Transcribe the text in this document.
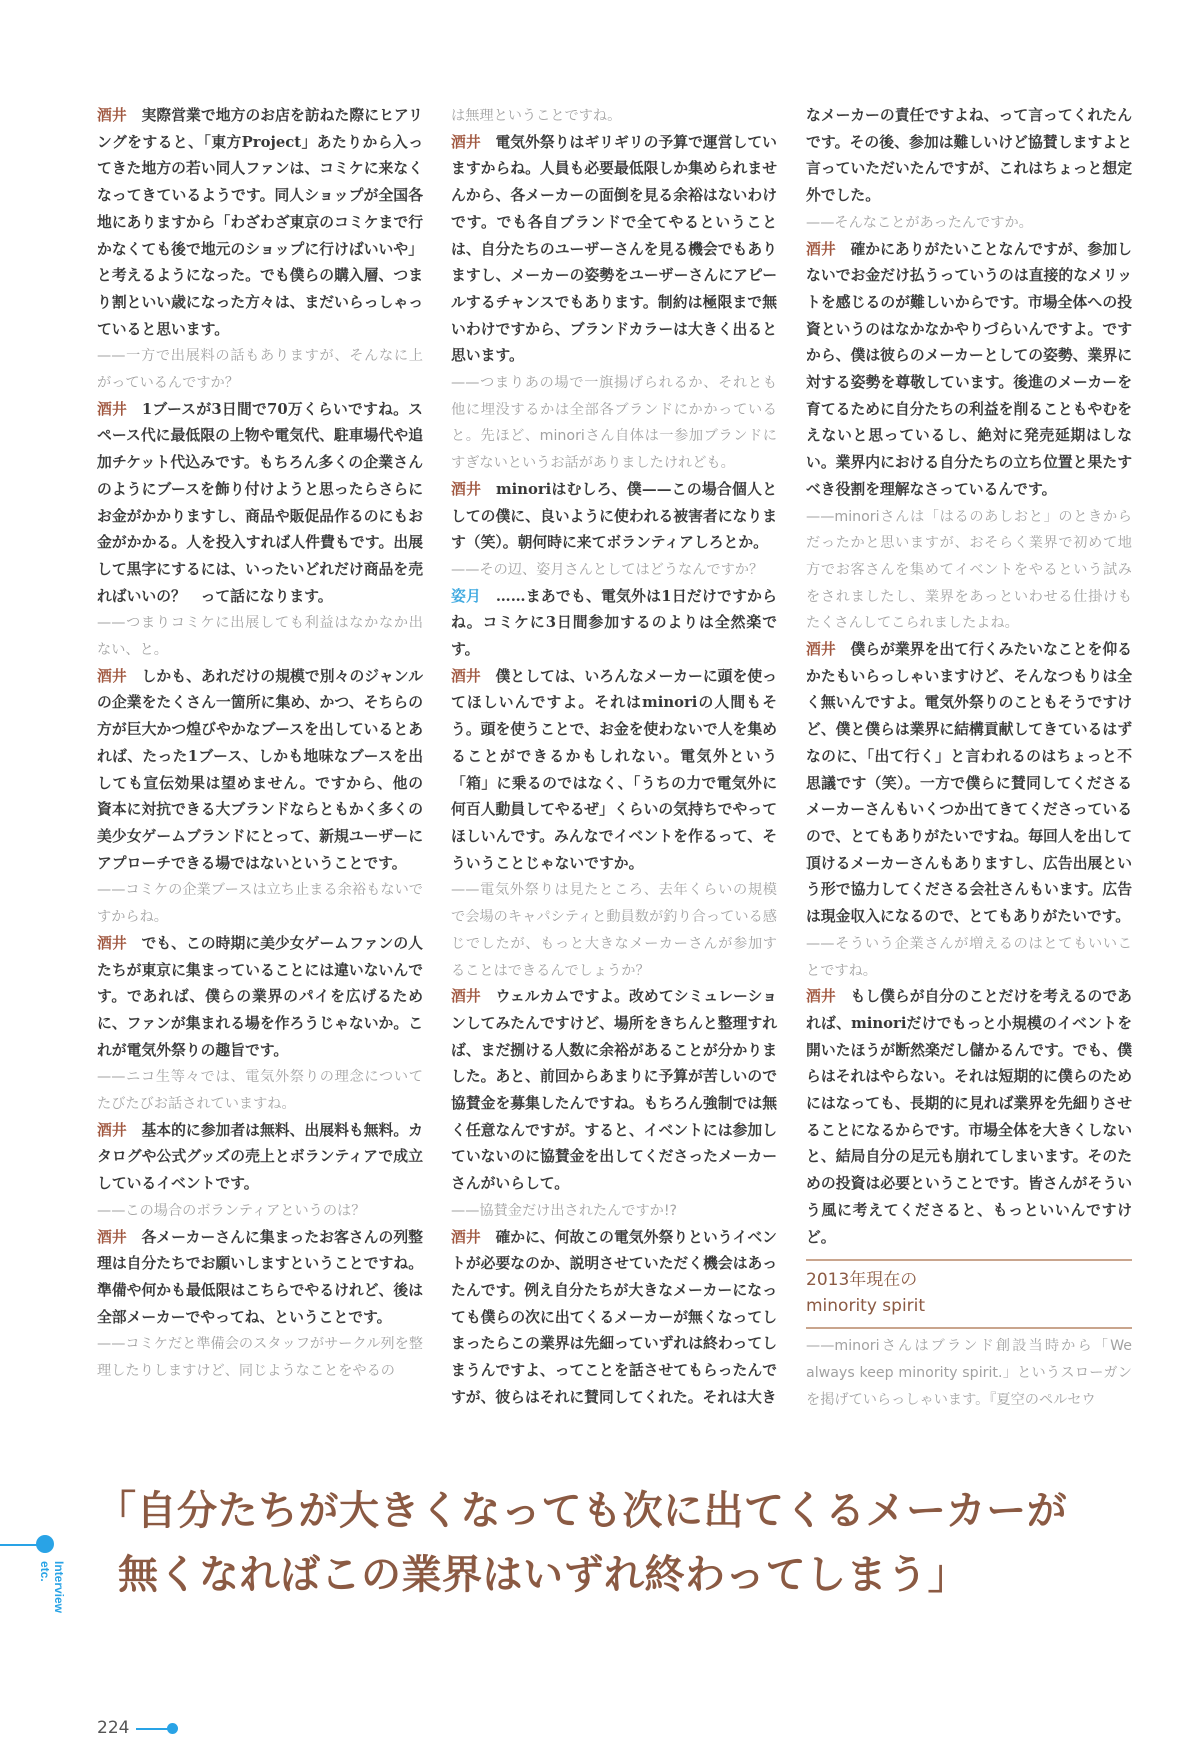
酒井 実際営業で地方のお店を訪ねた際にヒアリングをすると、「東方Project」あたりから入ってきた地方の若い同人ファンは、コミケに来なくなってきているようです。同人ショップが全国各地にありますから「わざわざ東京のコミケまで行かなくても後で地元のショップに行けばいいや」と考えるようになった。でも僕らの購入層、つまり割といい歳になった方々は、まだいらっしゃっていると思います。

——一方で出展料の話もありますが、そんなに上がっているんですか？

酒井 1ブースが3日間で70万くらいですね。スペース代に最低限の上物や電気代、駐車場代や追加チケット代込みです。もちろん多くの企業さんのようにブースを飾り付けようと思ったらさらにお金がかかりますし、商品や販促品作るのにもお金がかかる。人を投入すれば人件費もです。出展して黒字にするには、いったいどれだけ商品を売ればいいの？　って話になります。

——つまりコミケに出展しても利益はなかなか出ない、と。

酒井 しかも、あれだけの規模で別々のジャンルの企業をたくさん一箇所に集め、かつ、そちらの方が巨大かつ煌びやかなブースを出しているとあれば、たった1ブース、しかも地味なブースを出しても宣伝効果は望めません。ですから、他の資本に対抗できる大ブランドならともかく多くの美少女ゲームブランドにとって、新規ユーザーにアプローチできる場ではないということです。

——コミケの企業ブースは立ち止まる余裕もないですからね。

酒井 でも、この時期に美少女ゲームファンの人たちが東京に集まっていることには違いないんです。であれば、僕らの業界のパイを広げるために、ファンが集まれる場を作ろうじゃないか。これが電気外祭りの趣旨です。

——ニコ生等々では、電気外祭りの理念についてたびたびお話されていますね。

酒井 基本的に参加者は無料、出展料も無料。カタログや公式グッズの売上とボランティアで成立しているイベントです。

——この場合のボランティアというのは？

酒井 各メーカーさんに集まったお客さんの列整理は自分たちでお願いしますということですね。準備や何かも最低限はこちらでやるけれど、後は全部メーカーでやってね、ということです。

——コミケだと準備会のスタッフがサークル列を整理したりしますけど、同じようなことをやるの

は無理ということですね。

酒井 電気外祭りはギリギリの予算で運営していますからね。人員も必要最低限しか集められませんから、各メーカーの面倒を見る余裕はないわけです。でも各自ブランドで全てやるということは、自分たちのユーザーさんを見る機会でもありますし、メーカーの姿勢をユーザーさんにアピールするチャンスでもあります。制約は極限まで無いわけですから、ブランドカラーは大きく出ると思います。

——つまりあの場で一旗揚げられるか、それとも他に埋没するかは全部各ブランドにかかっていると。先ほど、minoriさん自体は一参加ブランドにすぎないというお話がありましたけれども。

酒井 minoriはむしろ、僕——この場合個人としての僕に、良いように使われる被害者になります（笑）。朝何時に来てボランティアしろとか。

——その辺、姿月さんとしてはどうなんですか？

姿月 ……まあでも、電気外は1日だけですからね。コミケに3日間参加するのよりは全然楽です。

酒井 僕としては、いろんなメーカーに頭を使ってほしいんですよ。それはminoriの人間もそう。頭を使うことで、お金を使わないで人を集めることができるかもしれない。電気外という「箱」に乗るのではなく、「うちの力で電気外に何百人動員してやるぜ」くらいの気持ちでやってほしいんです。みんなでイベントを作るって、そういうことじゃないですか。

——電気外祭りは見たところ、去年くらいの規模で会場のキャパシティと動員数が釣り合っている感じでしたが、もっと大きなメーカーさんが参加することはできるんでしょうか？

酒井 ウェルカムですよ。改めてシミュレーションしてみたんですけど、場所をきちんと整理すれば、まだ捌ける人数に余裕があることが分かりました。あと、前回からあまりに予算が苦しいので協賛金を募集したんですね。もちろん強制では無く任意なんですが。すると、イベントには参加していないのに協賛金を出してくださったメーカーさんがいらして。

——協賛金だけ出されたんですか!?

酒井 確かに、何故この電気外祭りというイベントが必要なのか、説明させていただく機会はあったんです。例え自分たちが大きなメーカーになっても僕らの次に出てくるメーカーが無くなってしまったらこの業界は先細っていずれは終わってしまうんですよ、ってことを話させてもらったんですが、彼らはそれに賛同してくれた。それは大き

なメーカーの責任ですよね、って言ってくれたんです。その後、参加は難しいけど協賛しますよと言っていただいたんですが、これはちょっと想定外でした。

——そんなことがあったんですか。

酒井 確かにありがたいことなんですが、参加しないでお金だけ払うっていうのは直接的なメリットを感じるのが難しいからです。市場全体への投資というのはなかなかやりづらいんですよ。ですから、僕は彼らのメーカーとしての姿勢、業界に対する姿勢を尊敬しています。後進のメーカーを育てるために自分たちの利益を削ることもやむをえないと思っているし、絶対に発売延期はしない。業界内における自分たちの立ち位置と果たすべき役割を理解なさっているんです。

——minoriさんは「はるのあしおと」のときからだったかと思いますが、おそらく業界で初めて地方でお客さんを集めてイベントをやるという試みをされましたし、業界をあっといわせる仕掛けもたくさんしてこられましたよね。

酒井 僕らが業界を出て行くみたいなことを仰るかたもいらっしゃいますけど、そんなつもりは全く無いんですよ。電気外祭りのこともそうですけど、僕と僕らは業界に結構貢献してきているはずなのに、「出て行く」と言われるのはちょっと不思議です（笑）。一方で僕らに賛同してくださるメーカーさんもいくつか出てきてくださっているので、とてもありがたいですね。毎回人を出して頂けるメーカーさんもありますし、広告出展という形で協力してくださる会社さんもいます。広告は現金収入になるので、とてもありがたいです。

——そういう企業さんが増えるのはとてもいいことですね。

酒井 もし僕らが自分のことだけを考えるのであれば、minoriだけでもっと小規模のイベントを開いたほうが断然楽だし儲かるんです。でも、僕らはそれはやらない。それは短期的に僕らのためにはなっても、長期的に見れば業界を先細りさせることになるからです。市場全体を大きくしないと、結局自分の足元も崩れてしまいます。そのための投資は必要ということです。皆さんがそういう風に考えてくださると、もっといいんですけど。

2013年現在の
minority spirit
——minoriさんはブランド創設当時から「We always keep minority spirit.」というスローガンを掲げていらっしゃいます。『夏空のペルセウ
「自分たちが大きくなっても次に出てくるメーカーが
無くなればこの業界はいずれ終わってしまう」
Interview etc.
224
